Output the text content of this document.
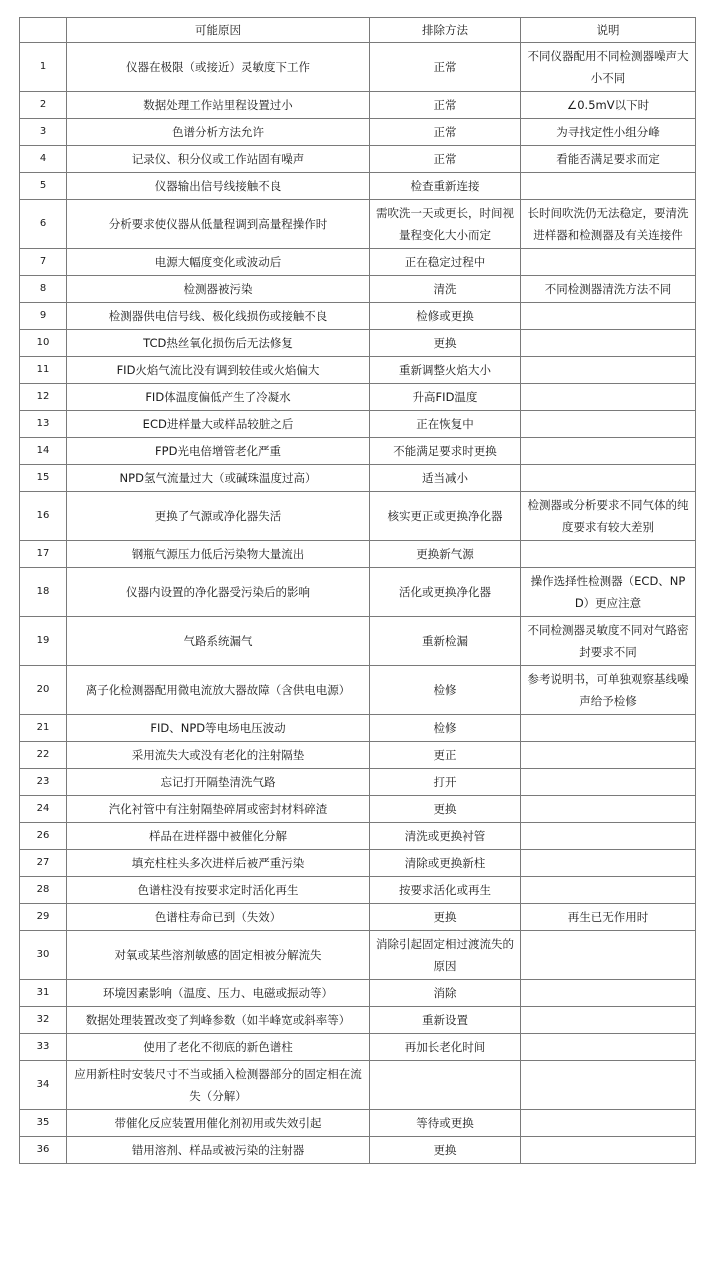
	可能原因	排除方法	说明
1	仪器在极限（或接近）灵敏度下工作	正常	不同仪器配用不同检测器噪声大小不同
2	数据处理工作站里程设置过小	正常	∠0.5mV以下时
3	色谱分析方法允许	正常	为寻找定性小组分峰
4	记录仪、积分仪或工作站固有噪声	正常	看能否满足要求而定
5	仪器输出信号线接触不良	检查重新连接	
6	分析要求使仪器从低量程调到高量程操作时	需吹洗一天或更长，时间视量程变化大小而定	长时间吹洗仍无法稳定，要清洗进样器和检测器及有关连接件
7	电源大幅度变化或波动后	正在稳定过程中	
8	检测器被污染	清洗	不同检测器清洗方法不同
9	检测器供电信号线、极化线损伤或接触不良	检修或更换	
10	TCD热丝氧化损伤后无法修复	更换	
11	FID火焰气流比没有调到较佳或火焰偏大	重新调整火焰大小	
12	FID体温度偏低产生了冷凝水	升高FID温度	
13	ECD进样量大或样品较脏之后	正在恢复中	
14	FPD光电倍增管老化严重	不能满足要求时更换	
15	NPD氢气流量过大（或碱珠温度过高）	适当减小	
16	更换了气源或净化器失活	核实更正或更换净化器	检测器或分析要求不同气体的纯度要求有较大差别
17	钢瓶气源压力低后污染物大量流出	更换新气源	
18	仪器内设置的净化器受污染后的影响	活化或更换净化器	操作选择性检测器（ECD、NPD）更应注意
19	气路系统漏气	重新检漏	不同检测器灵敏度不同对气路密封要求不同
20	离子化检测器配用微电流放大器故障（含供电电源）	检修	参考说明书，可单独观察基线噪声给予检修
21	FID、NPD等电场电压波动	检修	
22	采用流失大或没有老化的注射隔垫	更正	
23	忘记打开隔垫清洗气路	打开	
24	汽化衬管中有注射隔垫碎屑或密封材料碎渣	更换	
26	样品在进样器中被催化分解	清洗或更换衬管	
27	填充柱柱头多次进样后被严重污染	清除或更换新柱	
28	色谱柱没有按要求定时活化再生	按要求活化或再生	
29	色谱柱寿命已到（失效）	更换	再生已无作用时
30	对氧或某些溶剂敏感的固定相被分解流失	消除引起固定相过渡流失的原因	
31	环境因素影响（温度、压力、电磁或振动等）	消除	
32	数据处理装置改变了判峰参数（如半峰宽或斜率等）	重新设置	
33	使用了老化不彻底的新色谱柱	再加长老化时间	
34	应用新柱时安装尺寸不当或插入检测器部分的固定相在流失（分解）		
35	带催化反应装置用催化剂初用或失效引起	等待或更换	
36	错用溶剂、样品或被污染的注射器	更换	
